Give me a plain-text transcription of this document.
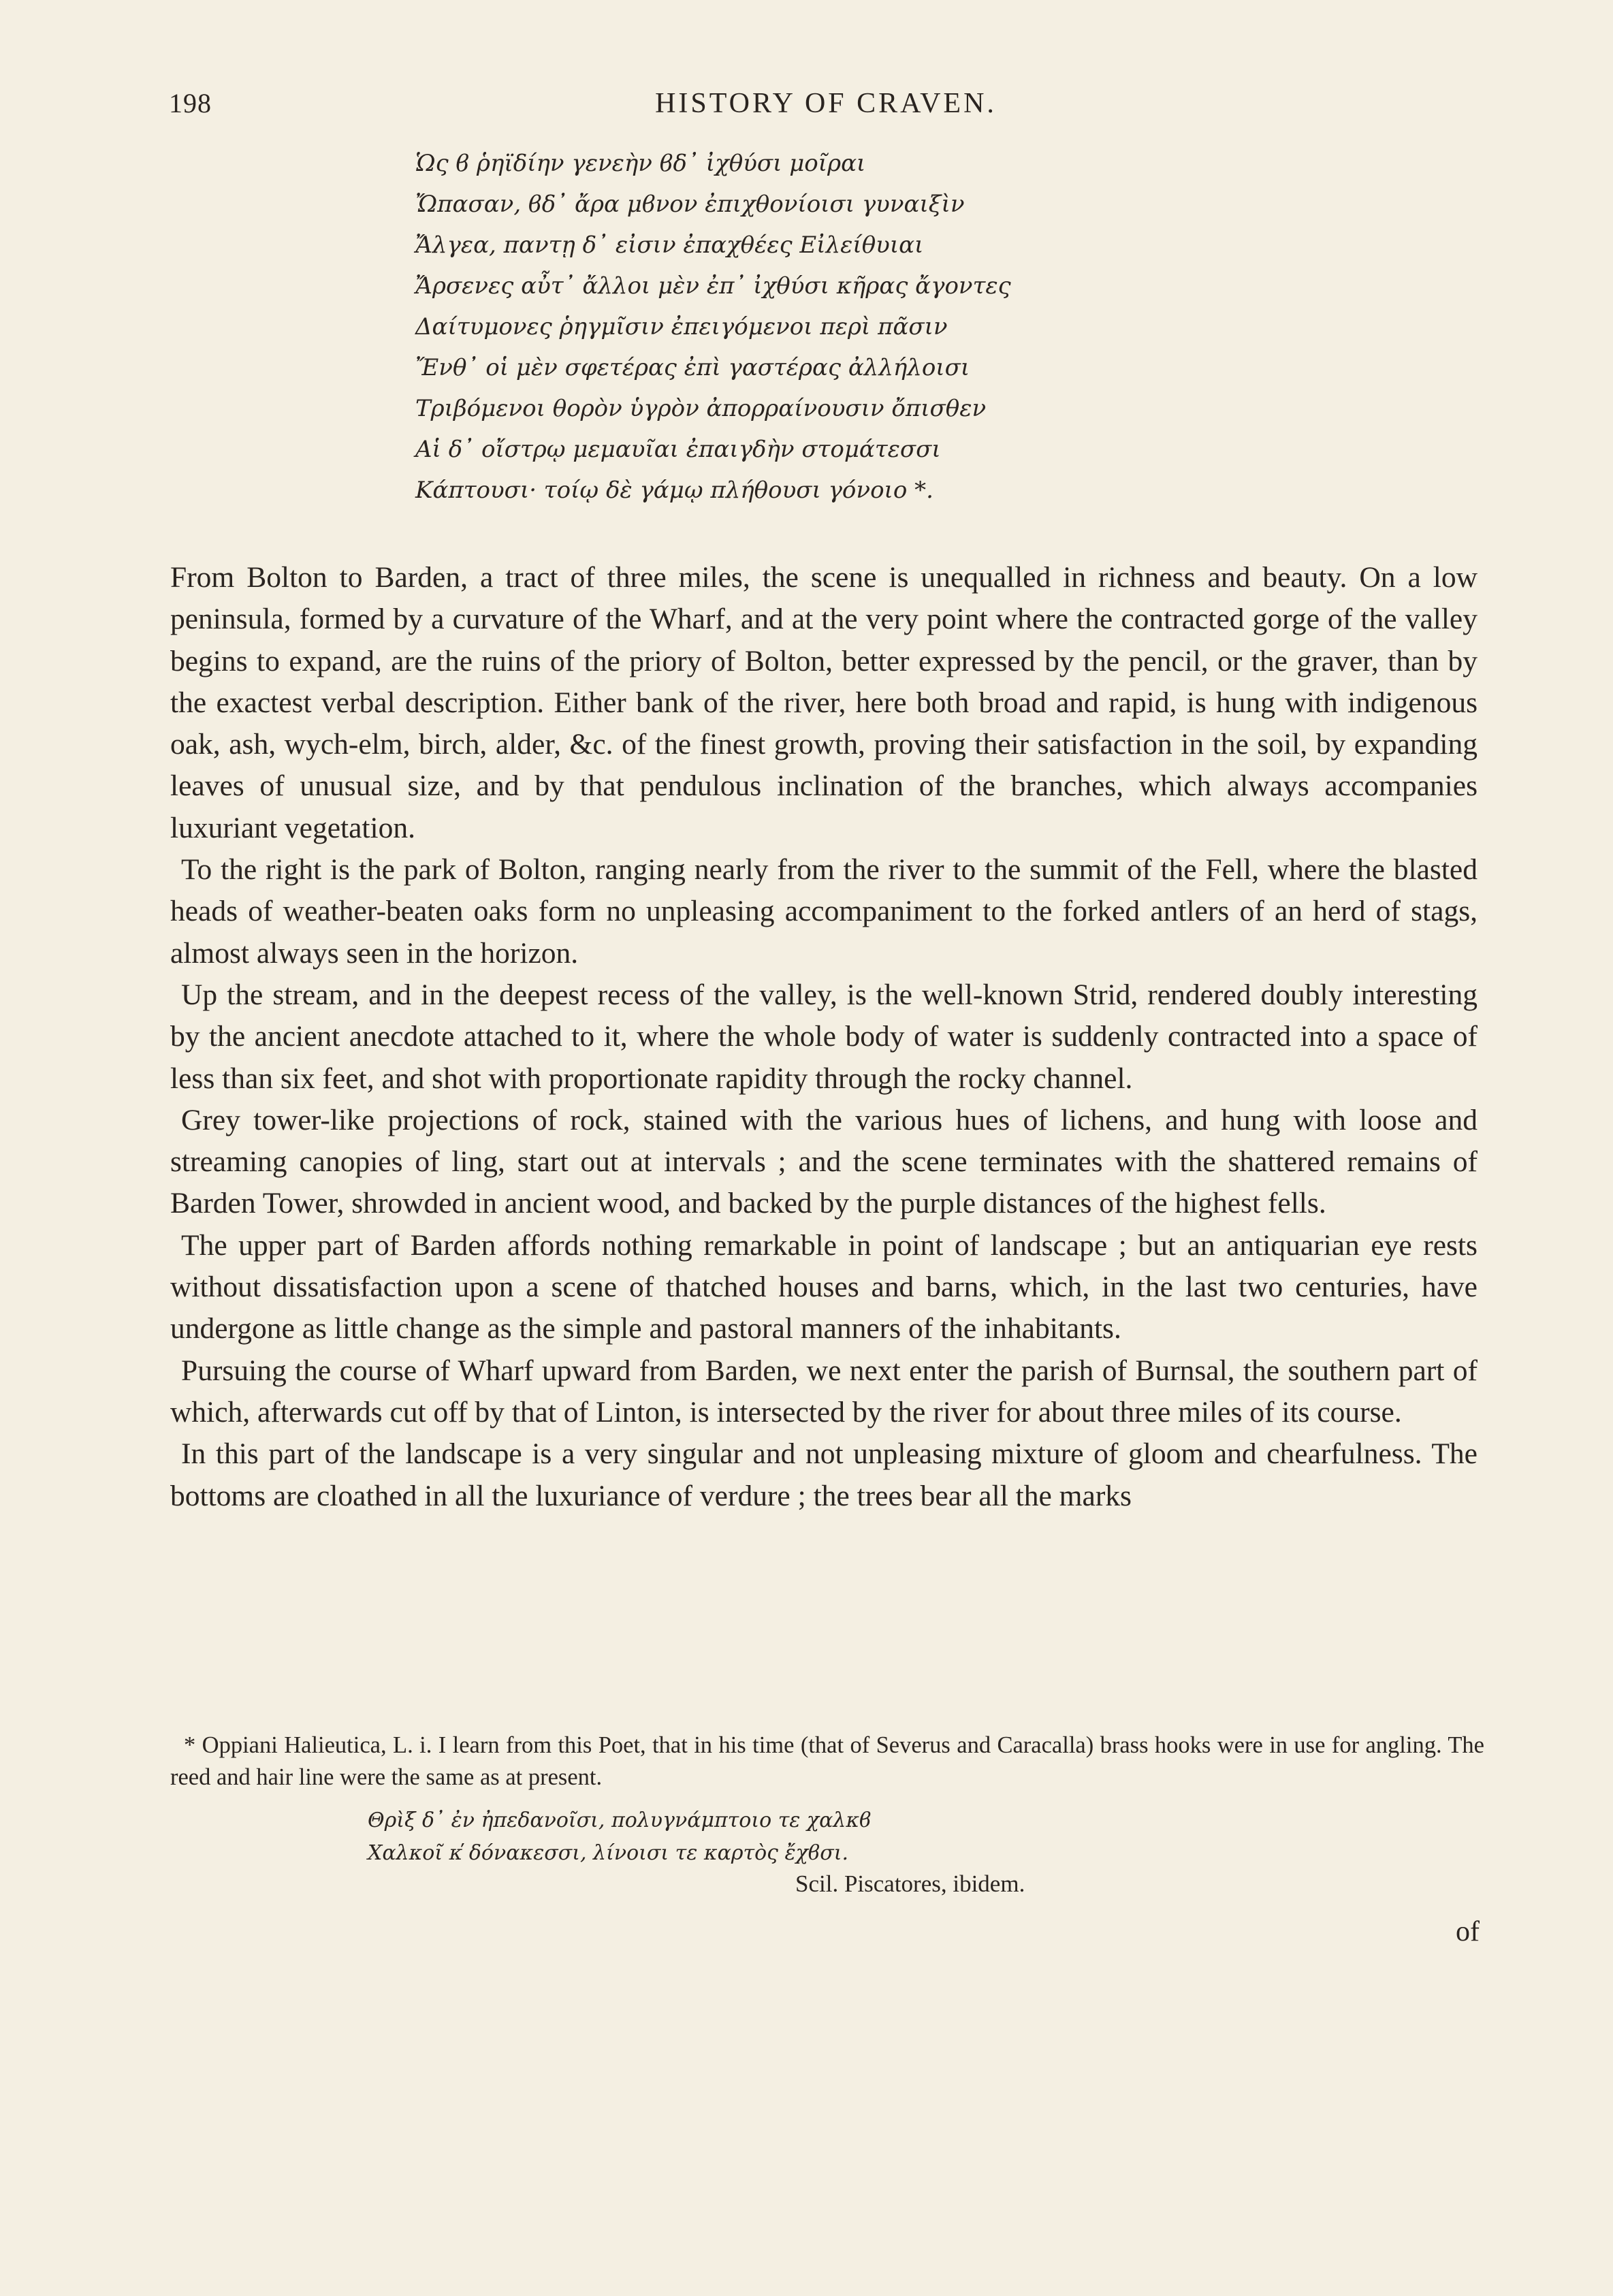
198	HISTORY OF CRAVEN.
Ὡς ϐ ῥηϊδίην γενεὴν ϐδ᾽ ἰχθύσι μοῖραι
Ὤπασαν, ϐδ᾽ ἄρα μϐνον ἐπιχθονίοισι γυναιξὶν
Ἄλγεα, παντῃ δ᾽ εἰσιν ἐπαχθέες Εἰλείθυιαι
Ἄρσενες αὖτ᾽ ἄλλοι μὲν ἐπ᾽ ἰχθύσι κῆρας ἄγοντες
Δαίτυμονες ῥηγμῖσιν ἐπειγόμενοι περὶ πᾶσιν
Ἔνθ᾽ οἱ μὲν σφετέρας ἐπὶ γαστέρας ἀλλήλοισι
Τριβόμενοι θορὸν ὑγρὸν ἀπορραίνουσιν ὄπισθεν
Αἱ δ᾽ οἴστρῳ μεμαυῖαι ἐπαιγδὴν στομάτεσσι
Κάπτουσι· τοίῳ δὲ γάμῳ πλήθουσι γόνοιο *.

From Bolton to Barden, a tract of three miles, the scene is unequalled in richness and beauty. On a low peninsula, formed by a curvature of the Wharf, and at the very point where the contracted gorge of the valley begins to expand, are the ruins of the priory of Bolton, better expressed by the pencil, or the graver, than by the exactest verbal description. Either bank of the river, here both broad and rapid, is hung with indigenous oak, ash, wych-elm, birch, alder, &c. of the finest growth, proving their satisfaction in the soil, by expanding leaves of unusual size, and by that pendulous inclination of the branches, which always accompanies luxuriant vegetation.

To the right is the park of Bolton, ranging nearly from the river to the summit of the Fell, where the blasted heads of weather-beaten oaks form no unpleasing accompaniment to the forked antlers of an herd of stags, almost always seen in the horizon.

Up the stream, and in the deepest recess of the valley, is the well-known Strid, rendered doubly interesting by the ancient anecdote attached to it, where the whole body of water is suddenly contracted into a space of less than six feet, and shot with proportionate rapidity through the rocky channel.

Grey tower-like projections of rock, stained with the various hues of lichens, and hung with loose and streaming canopies of ling, start out at intervals ; and the scene terminates with the shattered remains of Barden Tower, shrowded in ancient wood, and backed by the purple distances of the highest fells.

The upper part of Barden affords nothing remarkable in point of landscape ; but an antiquarian eye rests without dissatisfaction upon a scene of thatched houses and barns, which, in the last two centuries, have undergone as little change as the simple and pastoral manners of the inhabitants.

Pursuing the course of Wharf upward from Barden, we next enter the parish of Burnsal, the southern part of which, afterwards cut off by that of Linton, is intersected by the river for about three miles of its course.

In this part of the landscape is a very singular and not unpleasing mixture of gloom and chearfulness. The bottoms are cloathed in all the luxuriance of verdure ; the trees bear all the marks

* Oppiani Halieutica, L. i. I learn from this Poet, that in his time (that of Severus and Caracalla) brass hooks were in use for angling. The reed and hair line were the same as at present.

Θρὶξ δ᾽ ἐν ἠπεδανοῖσι, πολυγνάμπτοιο τε χαλκϐ
Χαλκοῖ κ̕ δόνακεσσι, λίνοισι τε καρτὸς ἔχϐσι.
Scil. Piscatores, ibidem.
of
